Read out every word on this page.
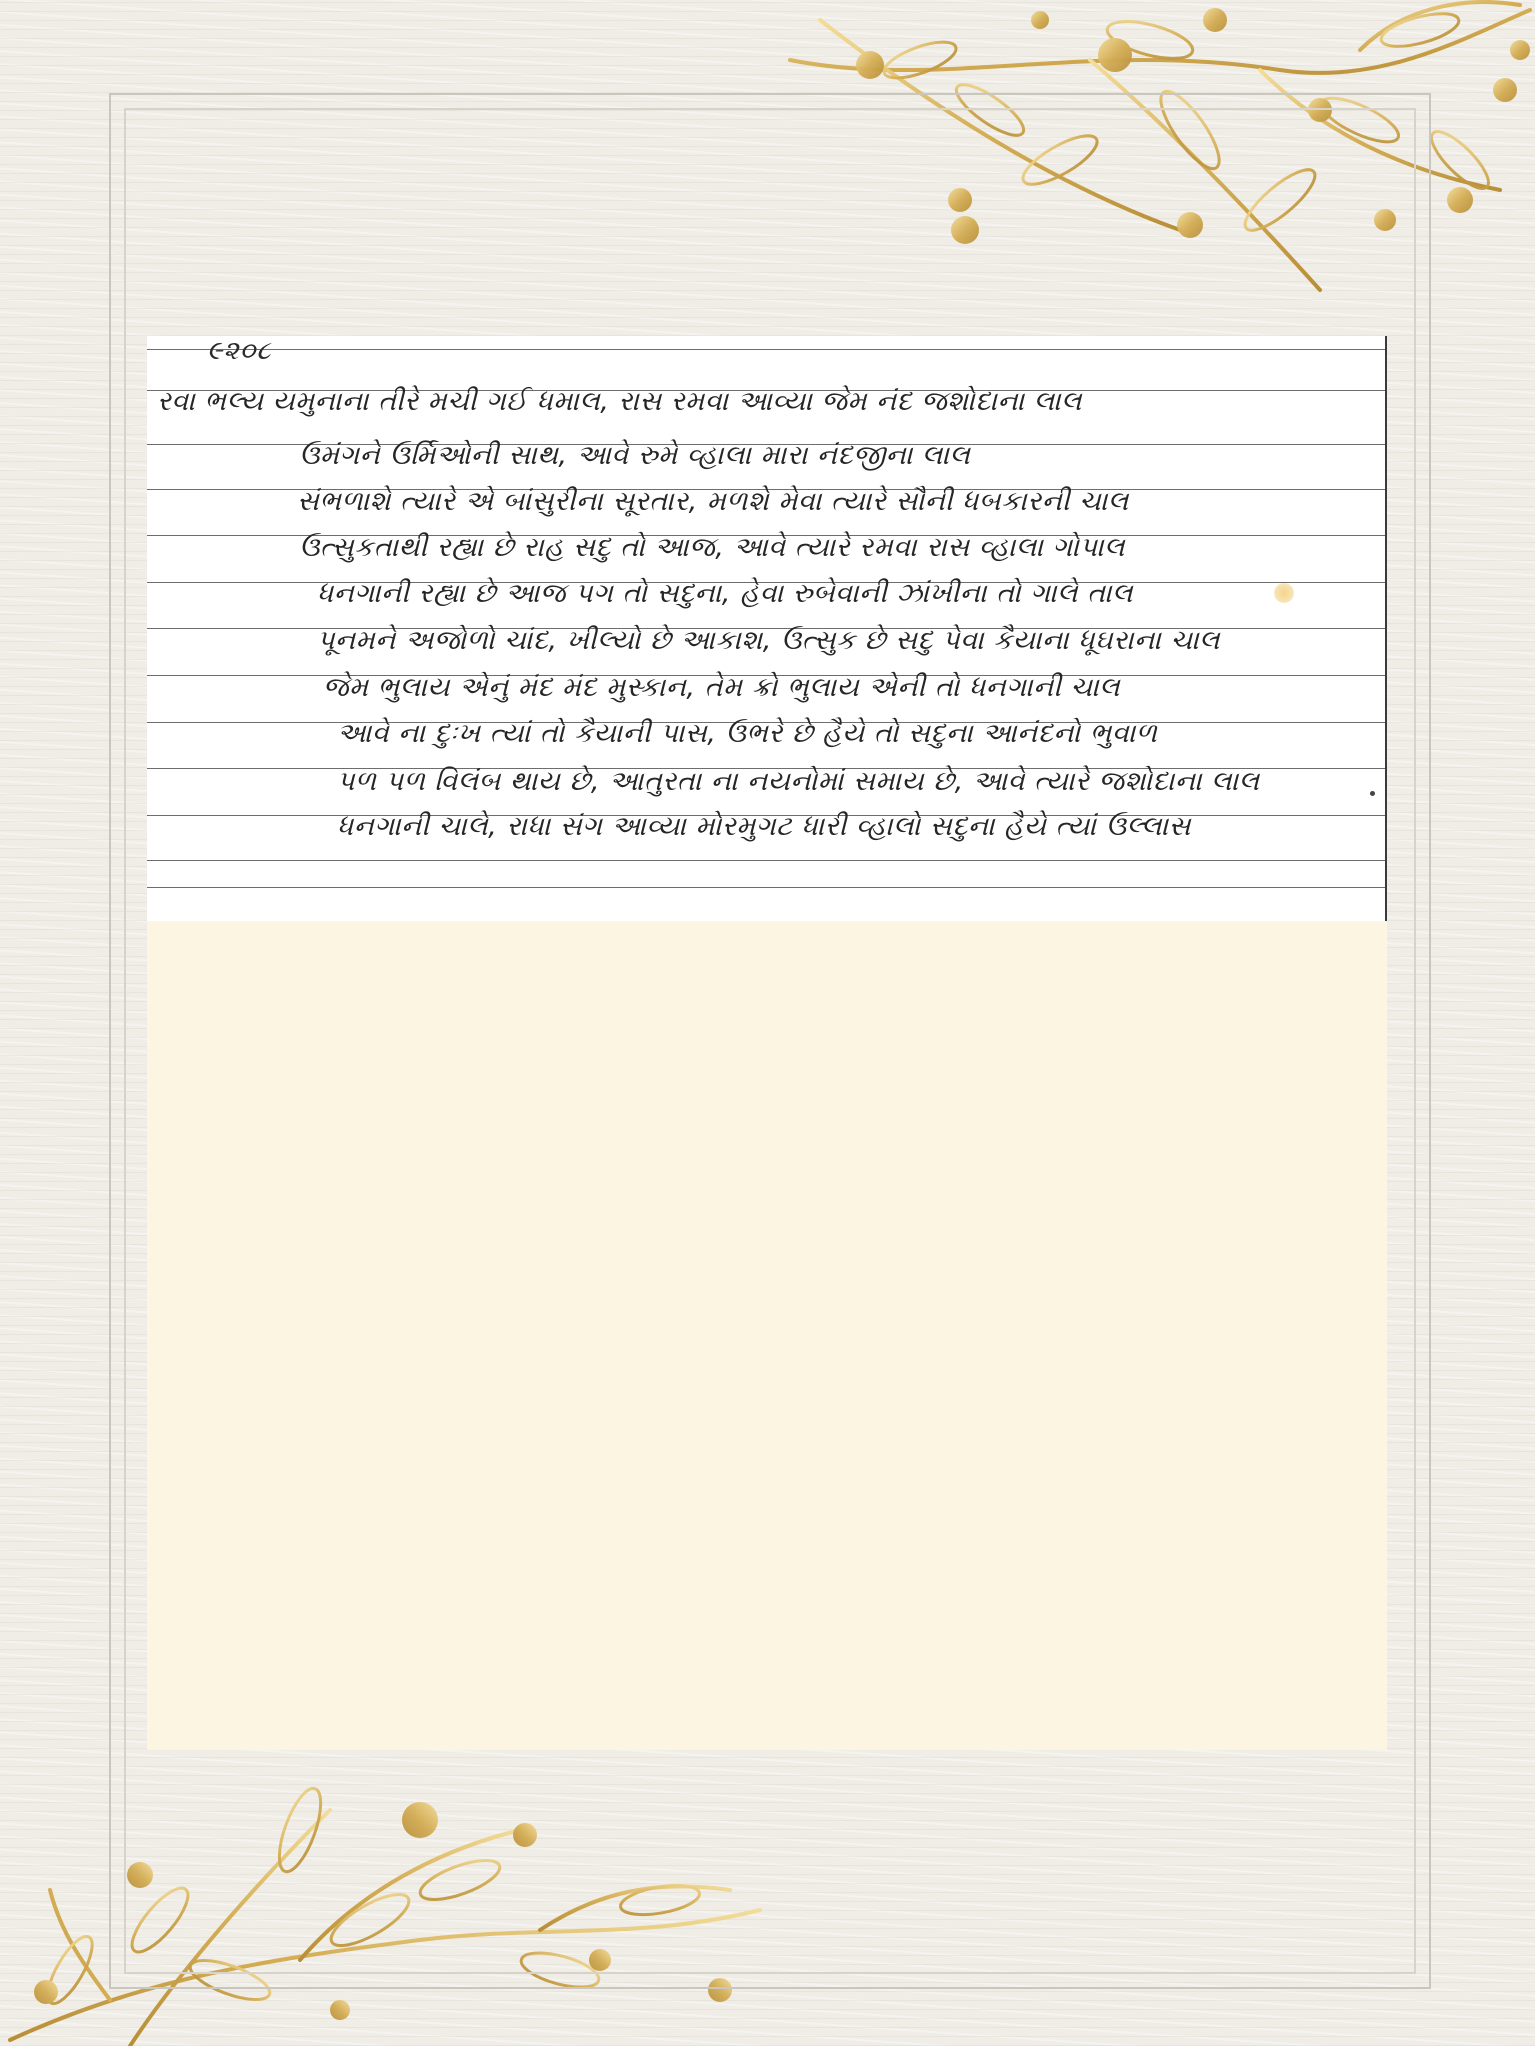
૯૨૦૮
રવા ભલ્ય યમુનાના તીરે મચી ગઈ ધમાલ, રાસ રમવા આવ્યા જેમ નંદ જશોદાના લાલ
ઉમંગને ઉર્મિઓની સાથ, આવે રુમે વ્હાલા મારા નંદજીના લાલ
સંભળાશે ત્યારે એ બાંસુરીના સૂરતાર, મળશે મેવા ત્યારે સૌની ધબકારની ચાલ
ઉત્સુકતાથી રહ્યા છે રાહ સદુ તો આજ, આવે ત્યારે રમવા રાસ વ્હાલા ગોપાલ
ધનગાની રહ્યા છે આજ પગ તો સદુના, હેવા રુબેવાની ઝાંખીના તો ગાલે તાલ
પૂનમને અજોળો ચાંદ, ખીલ્યો છે આકાશ, ઉત્સુક છે સદુ પેવા કૈયાના ધૂઘરાના ચાલ
જેમ ભુલાય એનું મંદ મંદ મુસ્કાન, તેમ ક્રો ભુલાય એની તો ધનગાની ચાલ
આવે ના દુઃખ ત્યાં તો કૈયાની પાસ, ઉભરે છે હૈયે તો સદુના આનંદનો ભુવાળ
પળ પળ વિલંબ થાય છે, આતુરતા ના નયનોમાં સમાય છે, આવે ત્યારે જશોદાના લાલ
ધનગાની ચાલે, રાધા સંગ આવ્યા મોરમુગટ ધારી વ્હાલો સદુના હૈયે ત્યાં ઉલ્લાસ
